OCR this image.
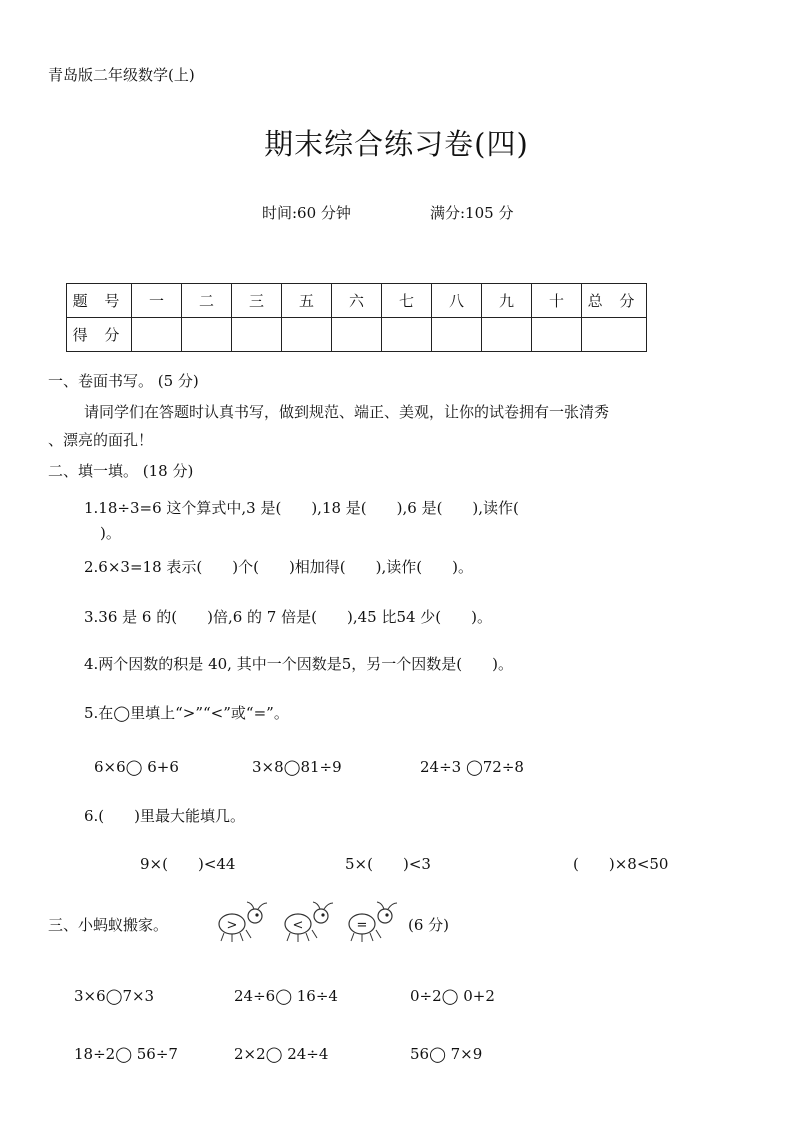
青岛版二年级数学(上)
期末综合练习卷(四)
时间:60 分钟	满分:105 分
题 号	一	二	三	五	六	七	八	九	十	总 分
得 分										
一、卷面书写。 (5 分)
请同学们在答题时认真书写，做到规范、端正、美观，让你的试卷拥有一张清秀
、漂亮的面孔！
二、填一填。 (18 分)
1.18÷3=6 这个算式中,3 是(　　),18 是(　　),6 是(　　),读作(
)。
2.6×3=18 表示(　　)个(　　)相加得(　　),读作(　　)。
3.36 是 6 的(　　)倍,6 的 7 倍是(　　),45 比54 少(　　)。
4.两个因数的积是 40, 其中一个因数是5，另一个因数是(　　)。
5.在◯里填上“>”“<”或“=”。
6×6◯ 6+6	3×8◯81÷9	24÷3 ◯72÷8
6.(　　)里最大能填几。
9×(　　)<44	5×(　　)<3	(　　)×8<50
三、小蚂蚁搬家。	>	<	=	(6 分)
3×6◯7×3	24÷6◯ 16÷4	0÷2◯ 0+2
18÷2◯ 56÷7	2×2◯ 24÷4	56◯ 7×9
